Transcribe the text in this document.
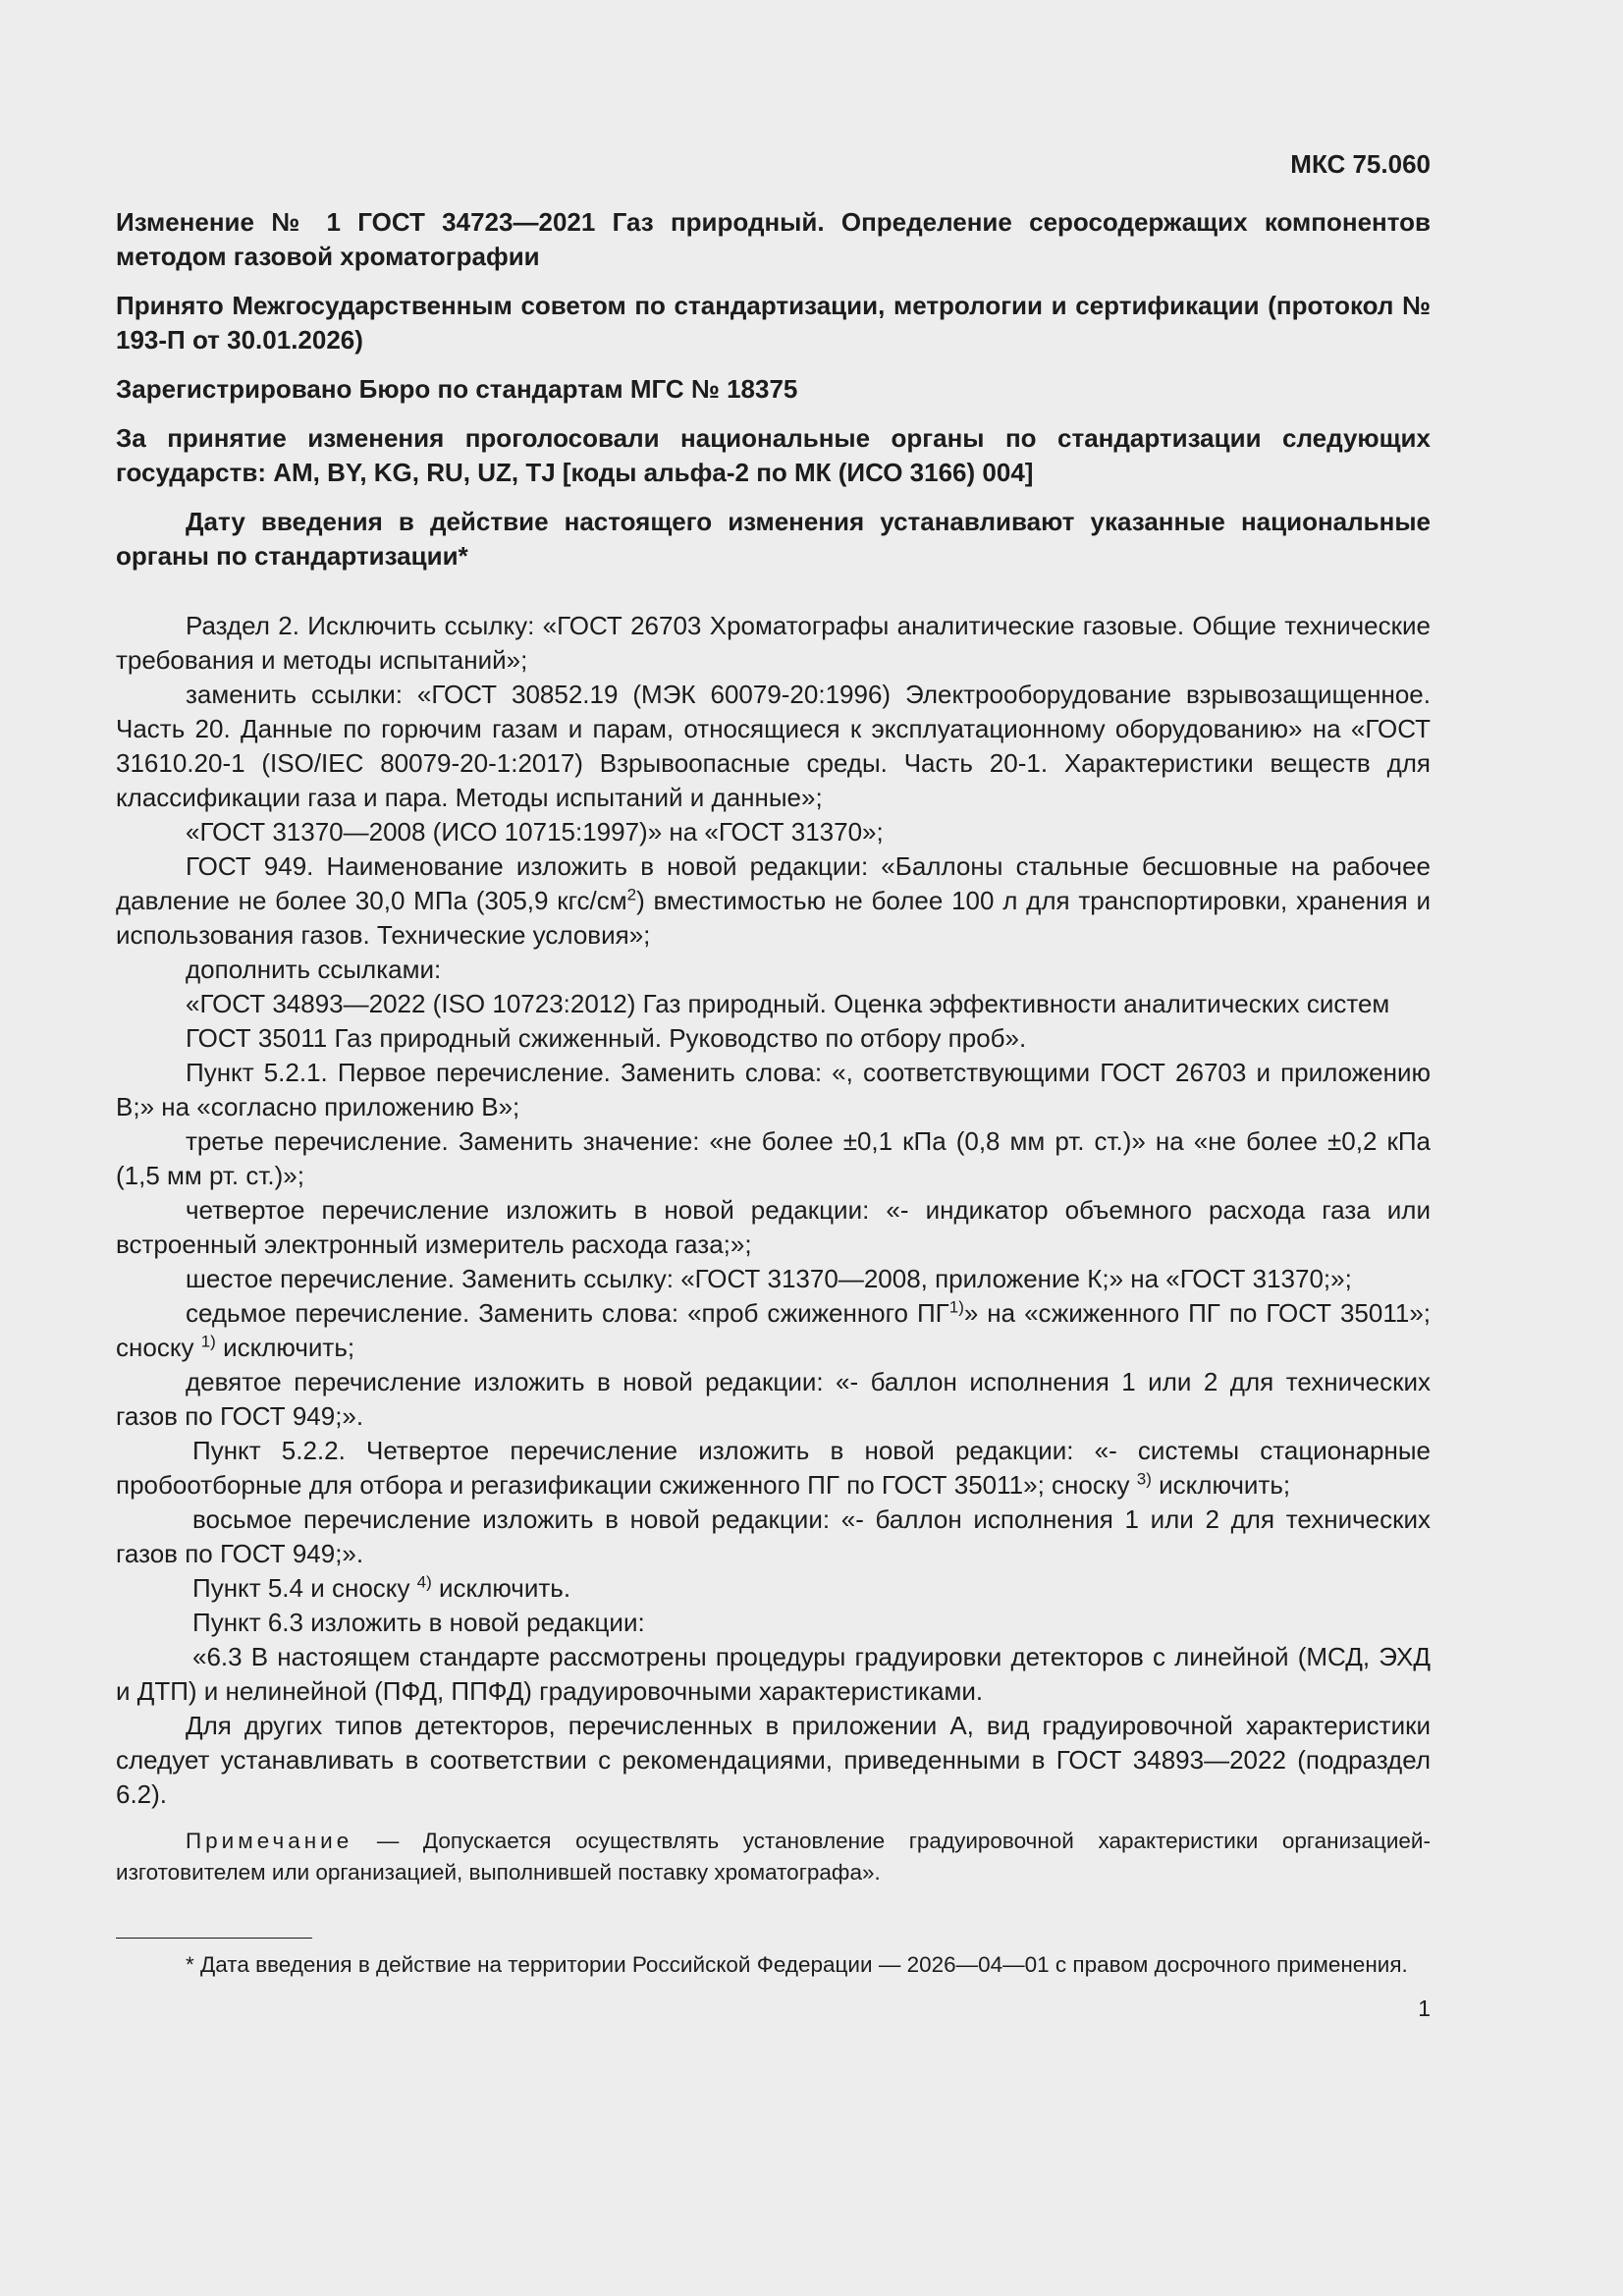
МКС 75.060
Изменение № 1 ГОСТ 34723—2021 Газ природный. Определение серосодержащих компонентов методом газовой хроматографии
Принято Межгосударственным советом по стандартизации, метрологии и сертификации (протокол № 193-П от 30.01.2026)
Зарегистрировано Бюро по стандартам МГС № 18375
За принятие изменения проголосовали национальные органы по стандартизации следующих государств: AM, BY, KG, RU, UZ, TJ [коды альфа-2 по МК (ИСО 3166) 004]
Дату введения в действие настоящего изменения устанавливают указанные национальные органы по стандартизации*

Раздел 2. Исключить ссылку: «ГОСТ 26703 Хроматографы аналитические газовые. Общие технические требования и методы испытаний»;

заменить ссылки: «ГОСТ 30852.19 (МЭК 60079-20:1996) Электрооборудование взрывозащищенное. Часть 20. Данные по горючим газам и парам, относящиеся к эксплуатационному оборудованию» на «ГОСТ 31610.20-1 (ISO/IEC 80079-20-1:2017) Взрывоопасные среды. Часть 20-1. Характеристики веществ для классификации газа и пара. Методы испытаний и данные»;

«ГОСТ 31370—2008 (ИСО 10715:1997)» на «ГОСТ 31370»;

ГОСТ 949. Наименование изложить в новой редакции: «Баллоны стальные бесшовные на рабочее давление не более 30,0 МПа (305,9 кгс/$см^2$) вместимостью не более 100 л для транспортировки, хранения и использования газов. Технические условия»;

дополнить ссылками:

«ГОСТ 34893—2022 (ISO 10723:2012) Газ природный. Оценка эффективности аналитических систем

ГОСТ 35011 Газ природный сжиженный. Руководство по отбору проб».

Пункт 5.2.1. Первое перечисление. Заменить слова: «, соответствующими ГОСТ 26703 и приложению В;» на «согласно приложению В»;

третье перечисление. Заменить значение: «не более ±0,1 кПа (0,8 мм рт. ст.)» на «не более ±0,2 кПа (1,5 мм рт. ст.)»;

четвертое перечисление изложить в новой редакции: «- индикатор объемного расхода газа или встроенный электронный измеритель расхода газа;»;

шестое перечисление. Заменить ссылку: «ГОСТ 31370—2008, приложение К;» на «ГОСТ 31370;»;

седьмое перечисление. Заменить слова: «проб сжиженного ПГ$^{1)}$» на «сжиженного ПГ по ГОСТ 35011»; сноску $^{1)}$ исключить;

девятое перечисление изложить в новой редакции: «- баллон исполнения 1 или 2 для технических газов по ГОСТ 949;».

Пункт 5.2.2. Четвертое перечисление изложить в новой редакции: «- системы стационарные пробоотборные для отбора и регазификации сжиженного ПГ по ГОСТ 35011»; сноску $^{3)}$ исключить;

восьмое перечисление изложить в новой редакции: «- баллон исполнения 1 или 2 для технических газов по ГОСТ 949;».

Пункт 5.4 и сноску $^{4)}$ исключить.

Пункт 6.3 изложить в новой редакции:

«6.3 В настоящем стандарте рассмотрены процедуры градуировки детекторов с линейной (МСД, ЭХД и ДТП) и нелинейной (ПФД, ППФД) градуировочными характеристиками.

Для других типов детекторов, перечисленных в приложении А, вид градуировочной характеристики следует устанавливать в соответствии с рекомендациями, приведенными в ГОСТ 34893—2022 (подраздел 6.2).

Примечание — Допускается осуществлять установление градуировочной характеристики организацией-изготовителем или организацией, выполнившей поставку хроматографа».

* Дата введения в действие на территории Российской Федерации — 2026—04—01 с правом досрочного применения.

1
